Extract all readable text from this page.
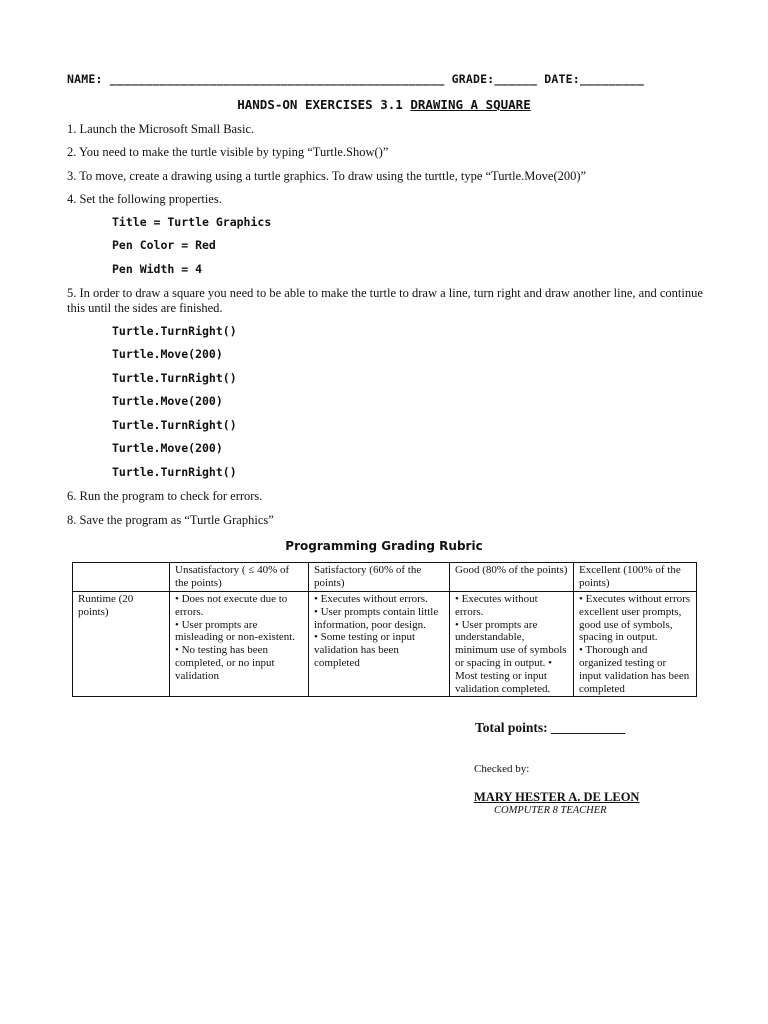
NAME: _______________________________________________ GRADE:______ DATE:_________
HANDS-ON EXERCISES 3.1 DRAWING A SQUARE
1. Launch the Microsoft Small Basic.
2. You need to make the turtle visible by typing “Turtle.Show()”
3. To move, create a drawing using a turtle graphics. To draw using the turttle, type “Turtle.Move(200)”
4. Set the following properties.
Title = Turtle Graphics
Pen Color = Red
Pen Width = 4
5. In order to draw a square you need to be able to make the turtle to draw a line, turn right and draw another line, and continue this until the sides are finished.
Turtle.TurnRight()
Turtle.Move(200)
Turtle.TurnRight()
Turtle.Move(200)
Turtle.TurnRight()
Turtle.Move(200)
Turtle.TurnRight()
6. Run the program to check for errors.
8. Save the program as “Turtle Graphics”
Programming Grading Rubric
	Unsatisfactory ( ≤ 40% of the points)	Satisfactory (60% of the points)	Good (80% of the points)	Excellent (100% of the points)
Runtime (20 points)	• Does not execute due to errors.
• User prompts are misleading or non-existent.
• No testing has been completed, or no input validation	• Executes without errors.
• User prompts contain little information, poor design.
• Some testing or input validation has been completed	• Executes without errors.
• User prompts are understandable, minimum use of symbols or spacing in output. • Most testing or input validation completed.	• Executes without errors excellent user prompts, good use of symbols, spacing in output.
• Thorough and organized testing or input validation has been completed
Total points: ___________
Checked by:
MARY HESTER A. DE LEON
COMPUTER 8 TEACHER
